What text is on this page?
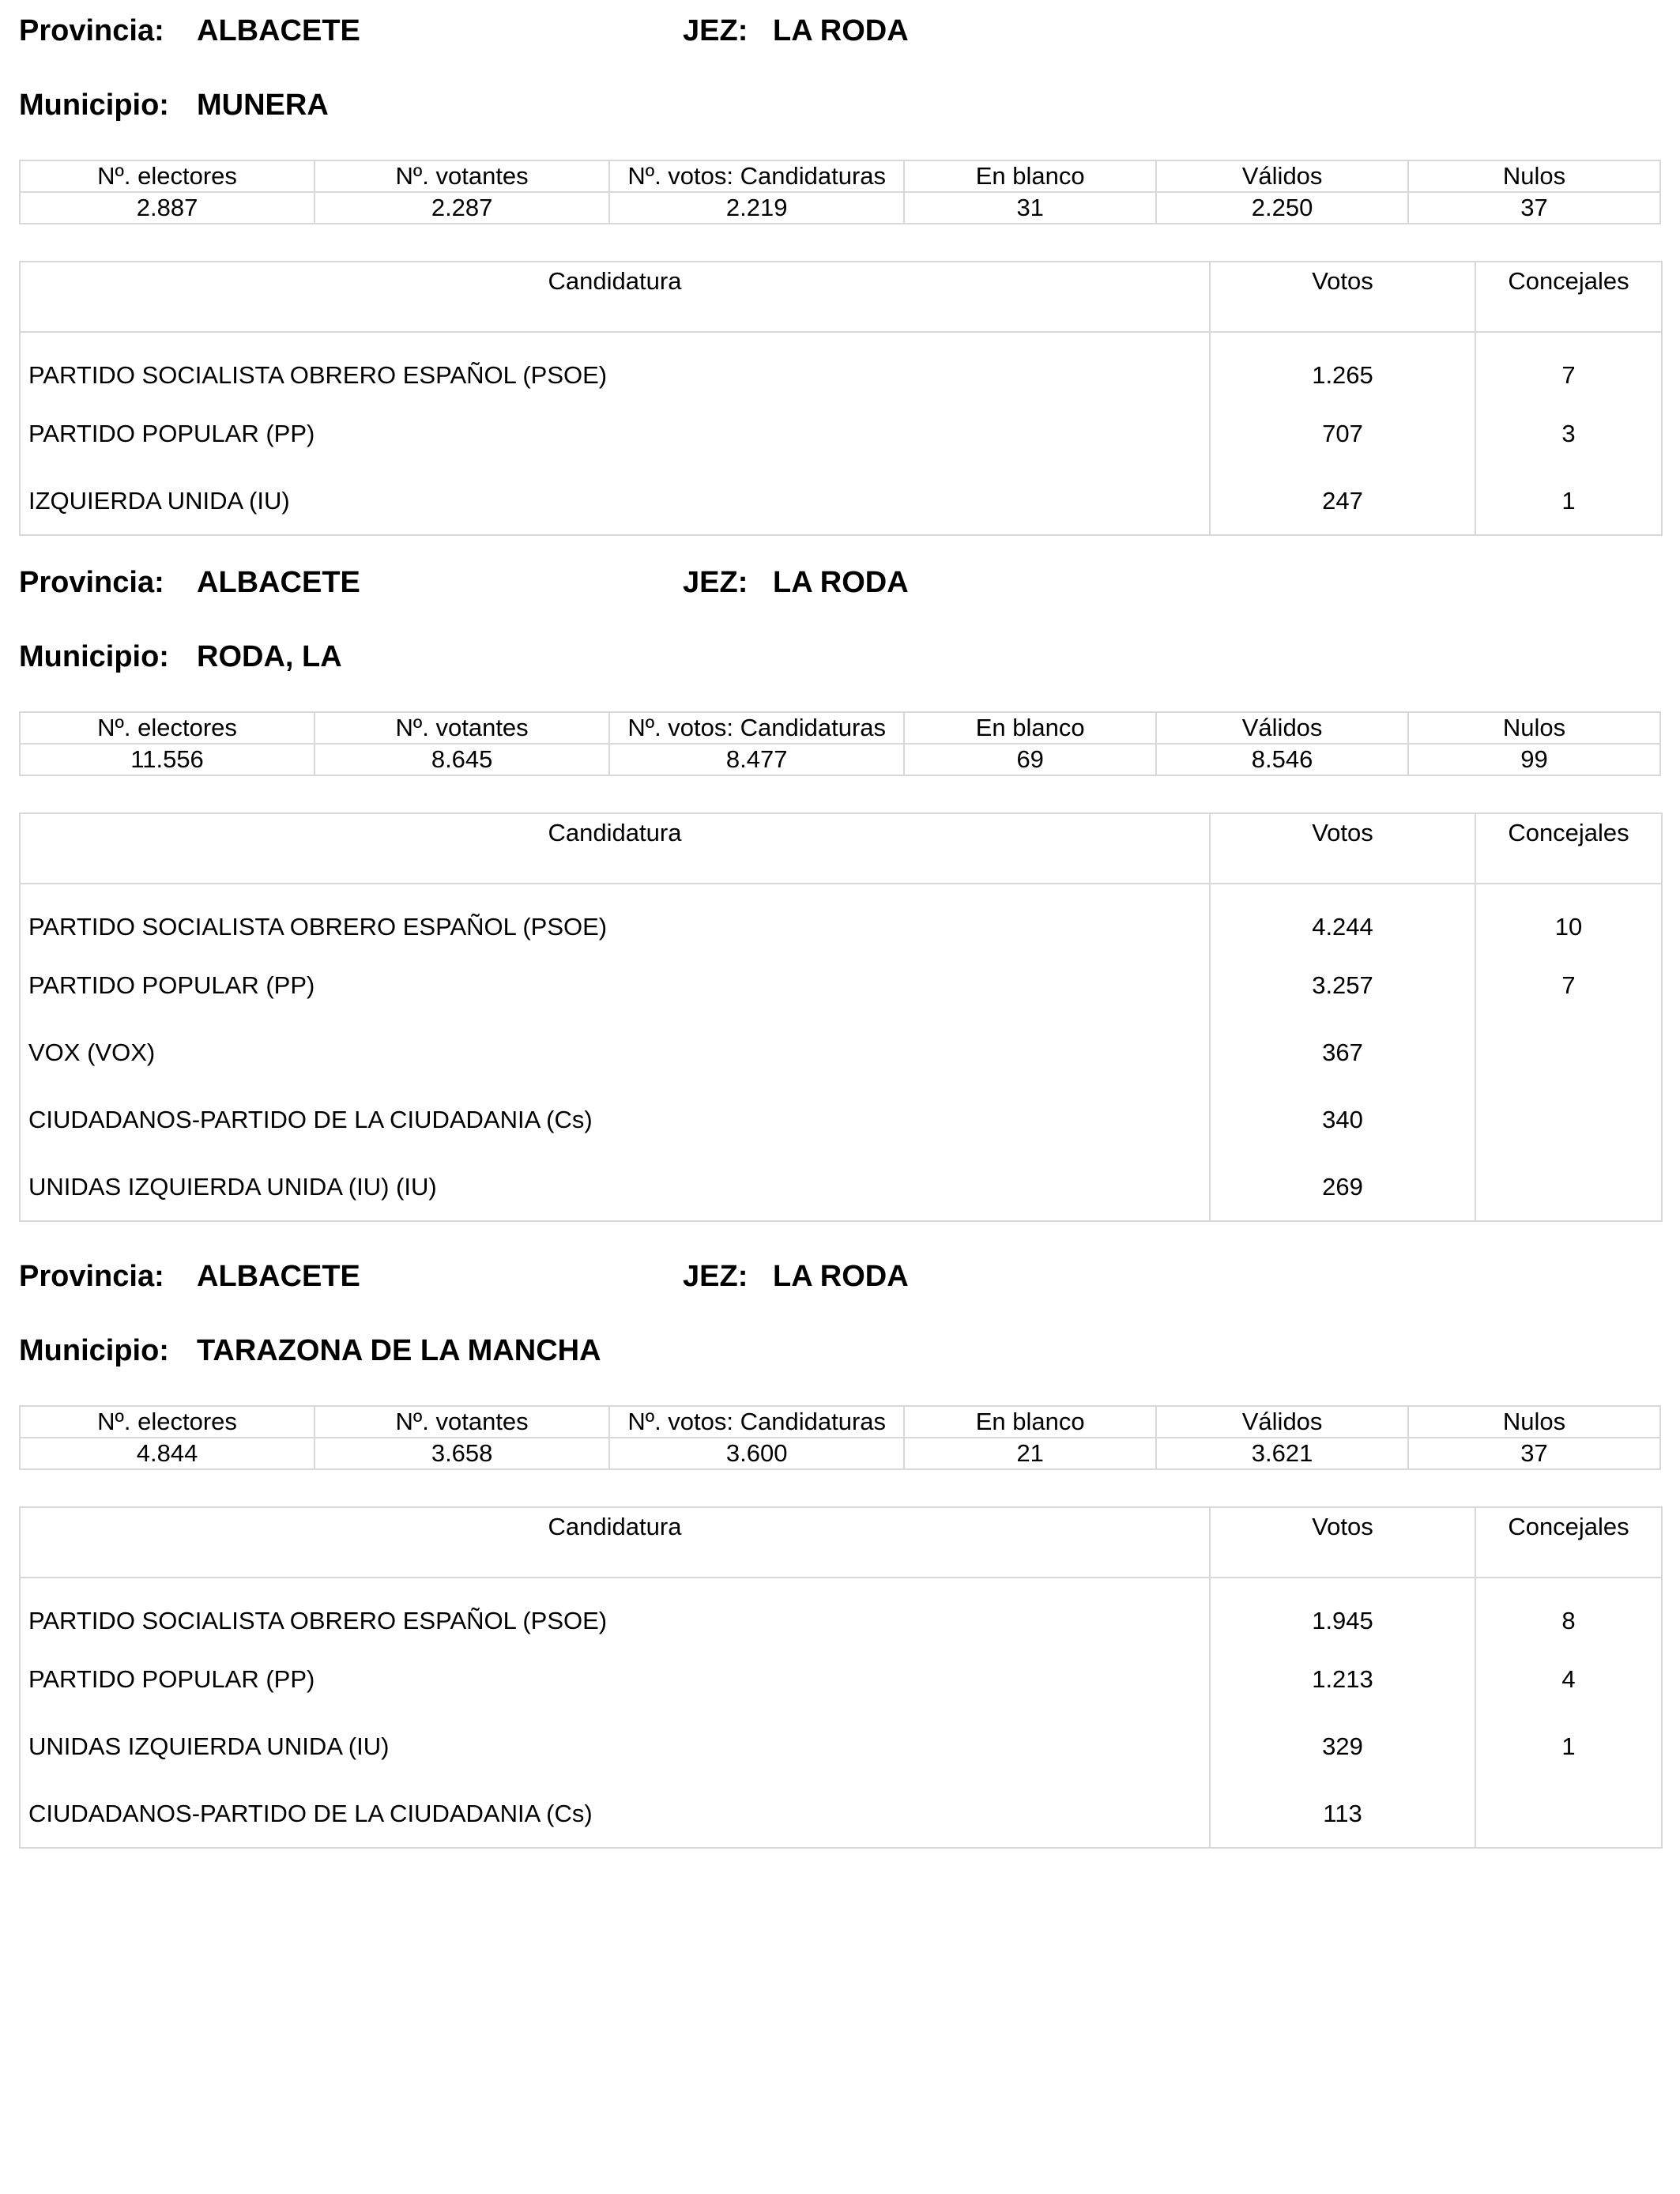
Provincia: ALBACETE	JEZ: LA RODA
Municipio: MUNERA
Nº. electores	Nº. votantes	Nº. votos: Candidaturas	En blanco	Válidos	Nulos
2.887	2.287	2.219	31	2.250	37
Candidatura	Votos	Concejales
PARTIDO SOCIALISTA OBRERO ESPAÑOL (PSOE)	1.265	7
PARTIDO POPULAR (PP)	707	3
IZQUIERDA UNIDA (IU)	247	1
Provincia: ALBACETE	JEZ: LA RODA
Municipio: RODA, LA
Nº. electores	Nº. votantes	Nº. votos: Candidaturas	En blanco	Válidos	Nulos
11.556	8.645	8.477	69	8.546	99
Candidatura	Votos	Concejales
PARTIDO SOCIALISTA OBRERO ESPAÑOL (PSOE)	4.244	10
PARTIDO POPULAR (PP)	3.257	7
VOX (VOX)	367	
CIUDADANOS-PARTIDO DE LA CIUDADANIA (Cs)	340	
UNIDAS IZQUIERDA UNIDA (IU) (IU)	269	
Provincia: ALBACETE	JEZ: LA RODA
Municipio: TARAZONA DE LA MANCHA
Nº. electores	Nº. votantes	Nº. votos: Candidaturas	En blanco	Válidos	Nulos
4.844	3.658	3.600	21	3.621	37
Candidatura	Votos	Concejales
PARTIDO SOCIALISTA OBRERO ESPAÑOL (PSOE)	1.945	8
PARTIDO POPULAR (PP)	1.213	4
UNIDAS IZQUIERDA UNIDA (IU)	329	1
CIUDADANOS-PARTIDO DE LA CIUDADANIA (Cs)	113	
